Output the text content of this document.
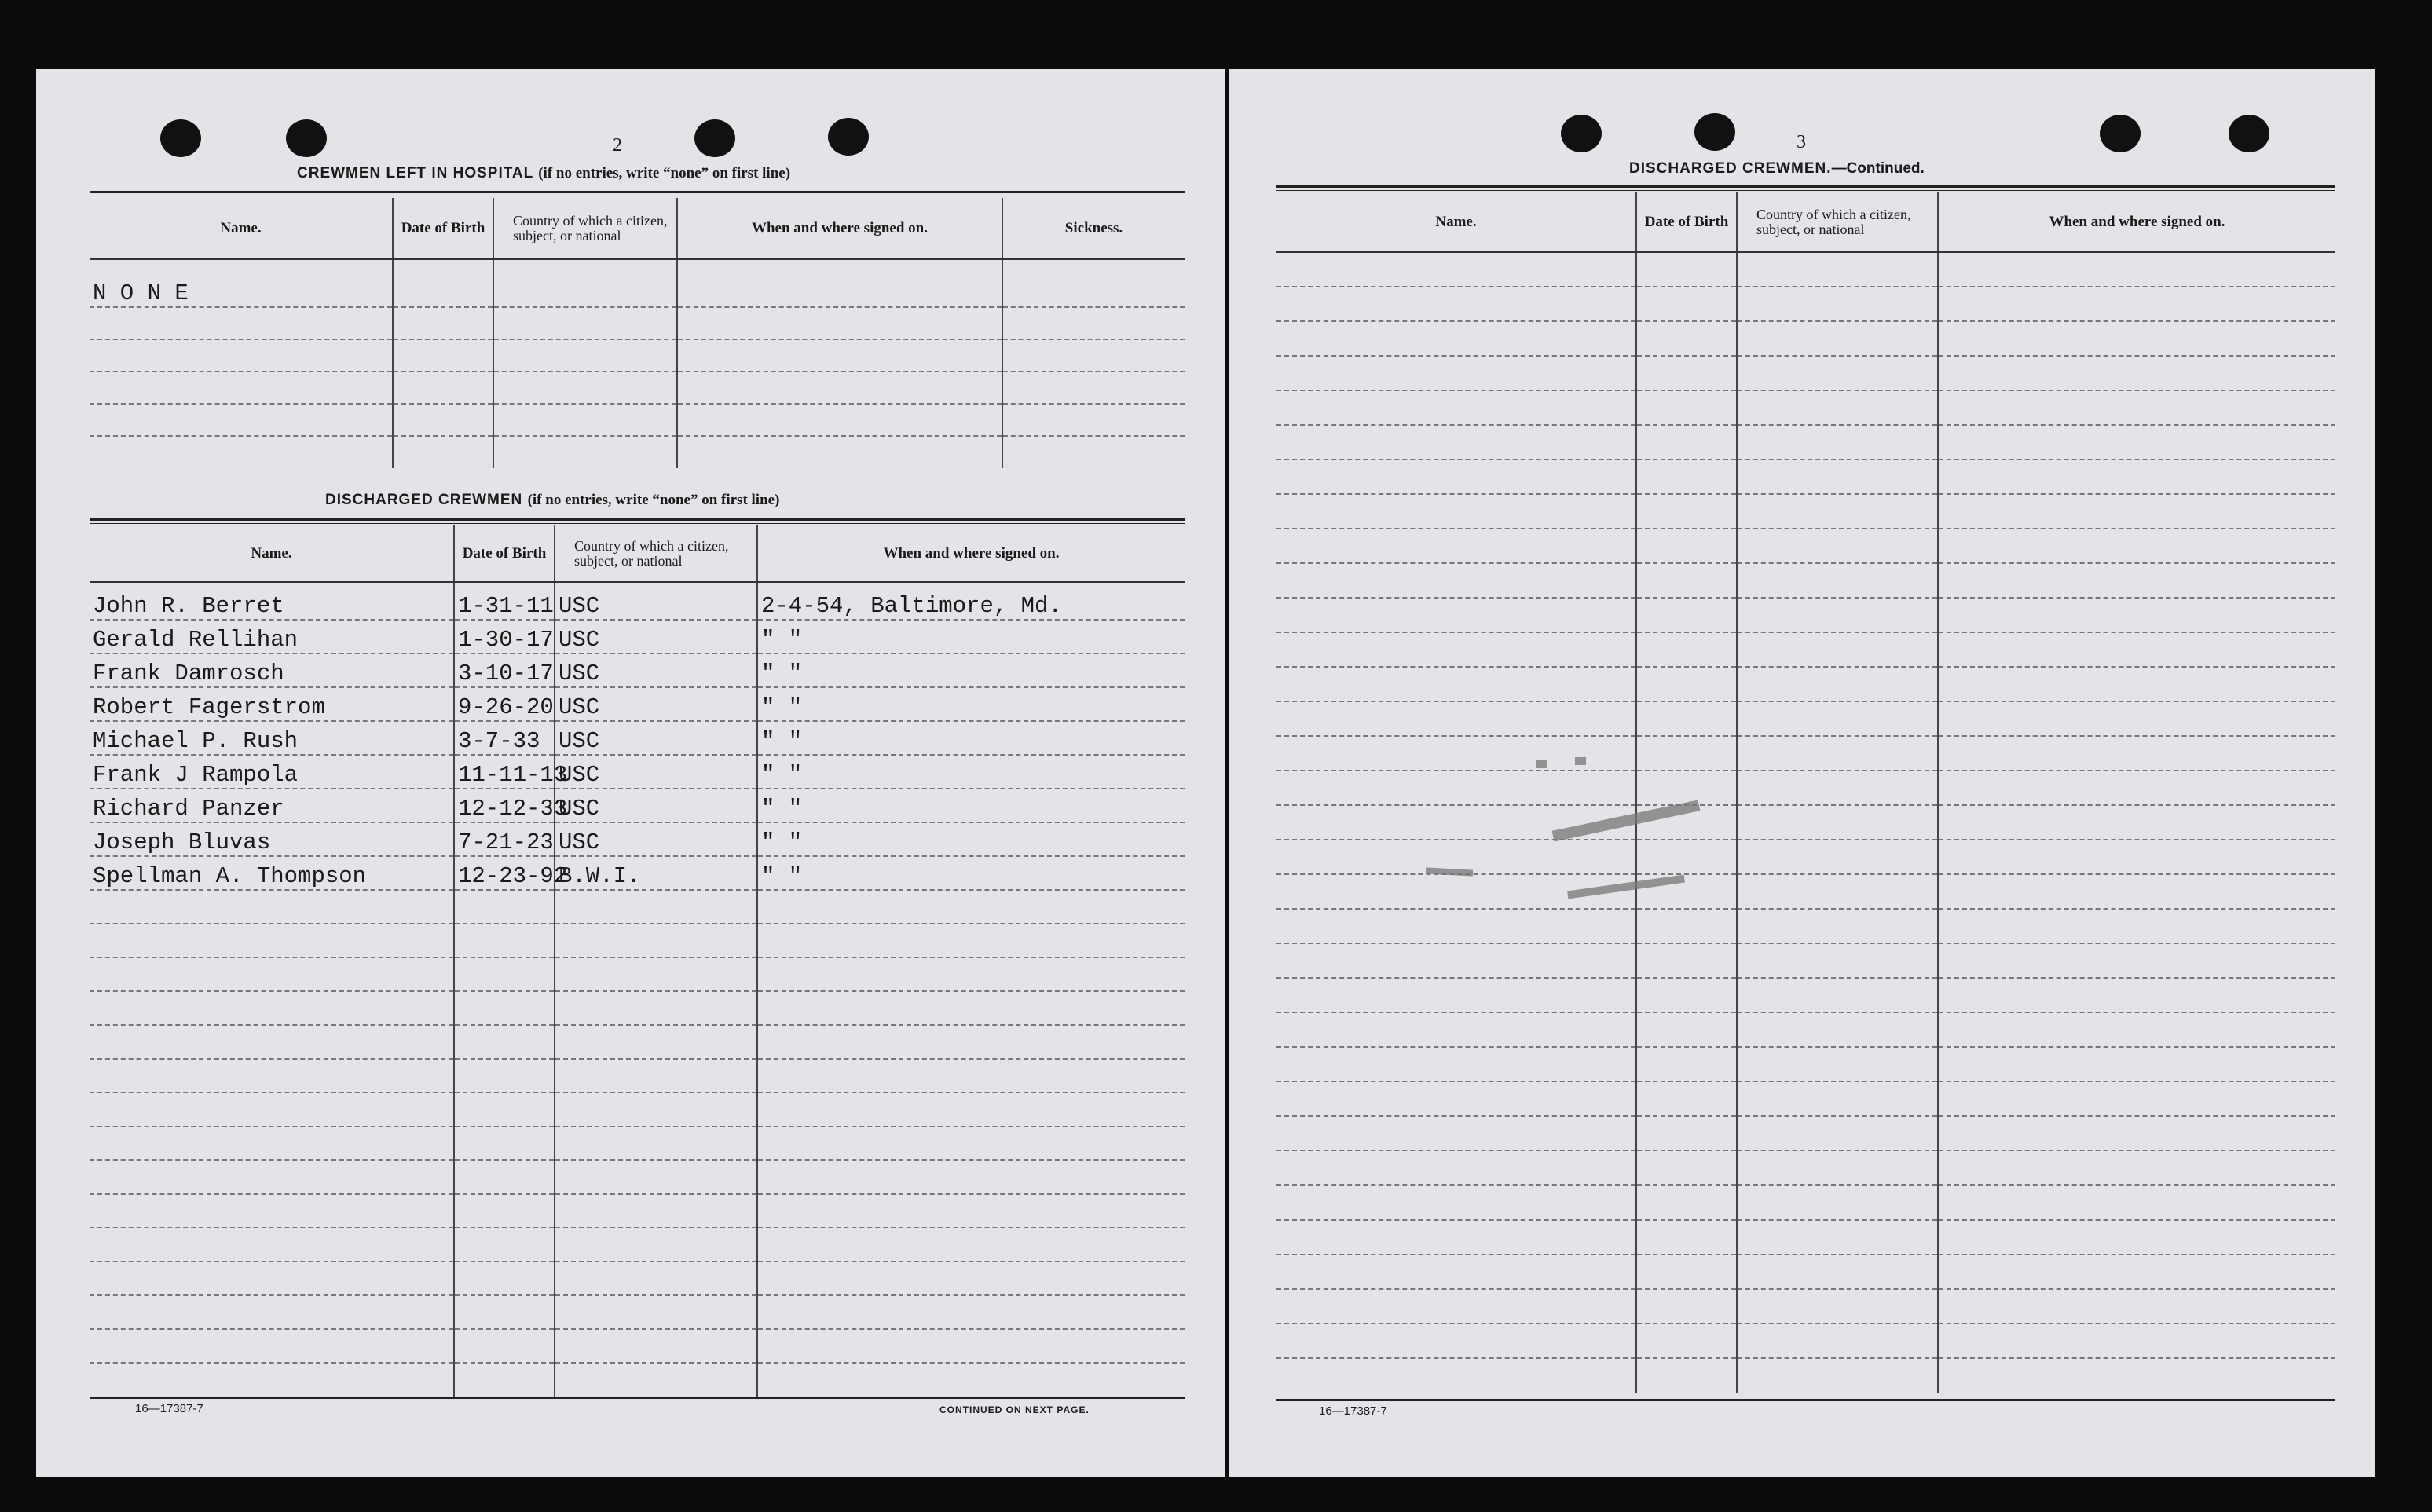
2
CREWMEN LEFT IN HOSPITAL (if no entries, write “none” on first line)
Name.	Date of Birth	Country of which a citizen, subject, or national	When and where signed on.	Sickness.
N O N E				

DISCHARGED CREWMEN (if no entries, write “none” on first line)
Name.	Date of Birth	Country of which a citizen, subject, or national	When and where signed on.
John R. Berret	1-31-11	USC	2-4-54, Baltimore, Md.
Gerald Rellihan	1-30-17	USC	" "
Frank Damrosch	3-10-17	USC	" "
Robert Fagerstrom	9-26-20	USC	" "
Michael P. Rush	3-7-33	USC	" "
Frank J Rampola	11-11-13	USC	" "
Richard Panzer	12-12-33	USC	" "
Joseph Bluvas	7-21-23	USC	" "
Spellman A. Thompson	12-23-92	B.W.I.	" "

16—17387-7	CONTINUED ON NEXT PAGE.
3
DISCHARGED CREWMEN.—Continued.
Name.	Date of Birth	Country of which a citizen, subject, or national	When and where signed on.

16—17387-7
